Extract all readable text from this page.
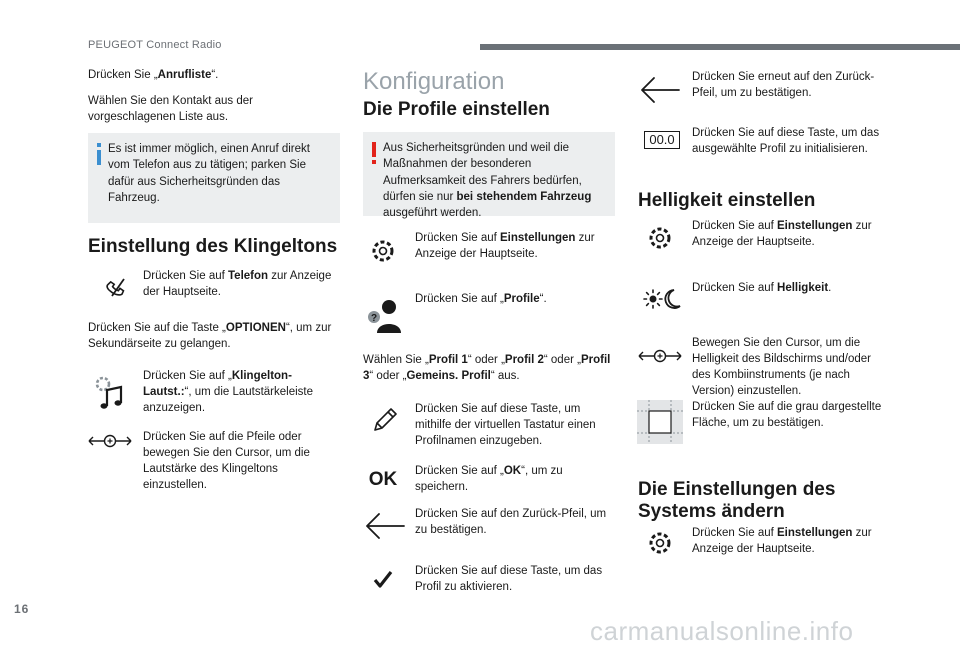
PEUGEOT Connect Radio
16
carmanualsonline.info
Drücken Sie „Anrufliste“.
Wählen Sie den Kontakt aus der vorgeschlagenen Liste aus.
Es ist immer möglich, einen Anruf direkt vom Telefon aus zu tätigen; parken Sie dafür aus Sicherheitsgründen das Fahrzeug.
Einstellung des Klingeltons
Drücken Sie auf Telefon zur Anzeige der Hauptseite.
Drücken Sie auf die Taste „OPTIONEN“, um zur Sekundärseite zu gelangen.
Drücken Sie auf „Klingelton-Lautst.:“, um die Lautstärkeleiste anzuzeigen.
Drücken Sie auf die Pfeile oder bewegen Sie den Cursor, um die Lautstärke des Klingeltons einzustellen.
Konfiguration
Die Profile einstellen
Aus Sicherheitsgründen und weil die Maßnahmen der besonderen Aufmerksamkeit des Fahrers bedürfen, dürfen sie nur bei stehendem Fahrzeug ausgeführt werden.
Drücken Sie auf Einstellungen zur Anzeige der Hauptseite.
?
Drücken Sie auf „Profile“.
Wählen Sie „Profil 1“ oder „Profil 2“ oder „Profil 3“ oder „Gemeins. Profil“ aus.
Drücken Sie auf diese Taste, um mithilfe der virtuellen Tastatur einen Profilnamen einzugeben.
OK Drücken Sie auf „OK“, um zu speichern.
Drücken Sie auf den Zurück-Pfeil, um zu bestätigen.
Drücken Sie auf diese Taste, um das Profil zu aktivieren.
Drücken Sie erneut auf den Zurück-Pfeil, um zu bestätigen.
00.0	Drücken Sie auf diese Taste, um das ausgewählte Profil zu initialisieren.
Helligkeit einstellen
Drücken Sie auf Einstellungen zur Anzeige der Hauptseite.
Drücken Sie auf Helligkeit.
Bewegen Sie den Cursor, um die Helligkeit des Bildschirms und/oder des Kombiinstruments (je nach Version) einzustellen.
Drücken Sie auf die grau dargestellte Fläche, um zu bestätigen.
Die Einstellungen des Systems ändern
Drücken Sie auf Einstellungen zur Anzeige der Hauptseite.
